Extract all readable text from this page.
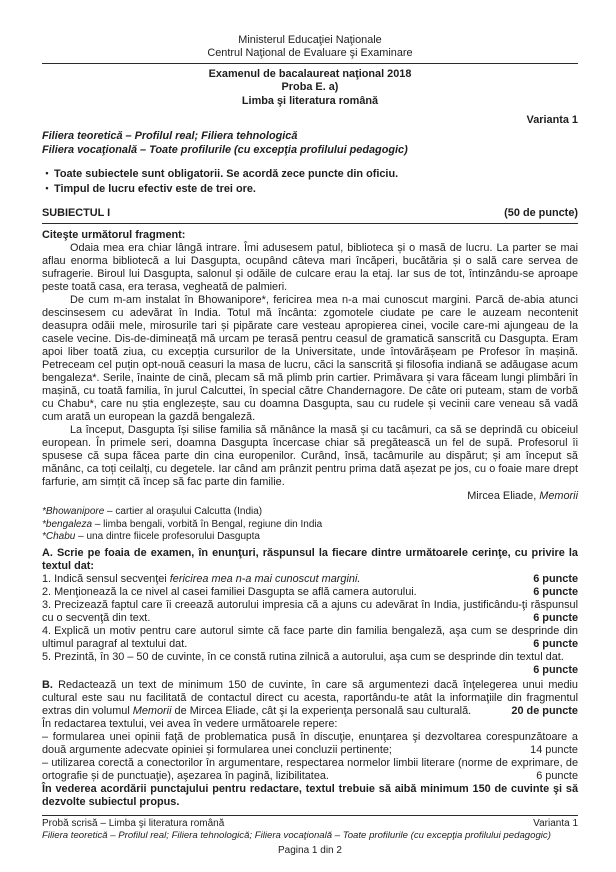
Ministerul Educaţiei Naţionale
Centrul Naţional de Evaluare şi Examinare
Examenul de bacalaureat naţional 2018
Proba E. a)
Limba şi literatura română
Varianta 1
Filiera teoretică – Profilul real; Filiera tehnologică
Filiera vocaţională – Toate profilurile (cu excepţia profilului pedagogic)
• Toate subiectele sunt obligatorii. Se acordă zece puncte din oficiu.
• Timpul de lucru efectiv este de trei ore.
SUBIECTUL I	(50 de puncte)
Citeşte următorul fragment:

Odaia mea era chiar lângă intrare. Îmi adusesem patul, biblioteca și o masă de lucru. La parter se mai aflau enorma bibliotecă a lui Dasgupta, ocupând câteva mari încăperi, bucătăria și o sală care servea de sufragerie. Biroul lui Dasgupta, salonul și odăile de culcare erau la etaj. Iar sus de tot, întinzându-se aproape peste toată casa, era terasa, vegheată de palmieri.

De cum m-am instalat în Bhowanipore*, fericirea mea n-a mai cunoscut margini. Parcă de-abia atunci descinsesem cu adevărat în India. Totul mă încânta: zgomotele ciudate pe care le auzeam necontenit deasupra odăii mele, mirosurile tari și pipărate care vesteau apropierea cinei, vocile care-mi ajungeau de la casele vecine. Dis-de-dimineață mă urcam pe terasă pentru ceasul de gramatică sanscrită cu Dasgupta. Eram apoi liber toată ziua, cu excepția cursurilor de la Universitate, unde întovărășeam pe Profesor în mașină. Petreceam cel puțin opt-nouă ceasuri la masa de lucru, căci la sanscrită și filosofia indiană se adăugase acum bengaleza*. Serile, înainte de cină, plecam să mă plimb prin cartier. Primăvara și vara făceam lungi plimbări în mașină, cu toată familia, în jurul Calcuttei, în special către Chandernagore. De câte ori puteam, stam de vorbă cu Chabu*, care nu știa englezește, sau cu doamna Dasgupta, sau cu rudele și vecinii care veneau să vadă cum arată un european la gazdă bengaleză.

La început, Dasgupta își silise familia să mănânce la masă și cu tacâmuri, ca să se deprindă cu obiceiul european. În primele seri, doamna Dasgupta încercase chiar să pregătească un fel de supă. Profesorul îi spusese că supa făcea parte din cina europenilor. Curând, însă, tacâmurile au dispărut; și am început să mănânc, ca toți ceilalți, cu degetele. Iar când am prânzit pentru prima dată așezat pe jos, cu o foaie mare drept farfurie, am simțit că încep să fac parte din familie.

Mircea Eliade, Memorii
*Bhowanipore – cartier al oraşului Calcutta (India)
*bengaleza – limba bengali, vorbită în Bengal, regiune din India
*Chabu – una dintre fiicele profesorului Dasgupta
A. Scrie pe foaia de examen, în enunţuri, răspunsul la fiecare dintre următoarele cerinţe, cu privire la textul dat:
1. Indică sensul secvenţei fericirea mea n-a mai cunoscut margini.	6 puncte
2. Menţionează la ce nivel al casei familiei Dasgupta se află camera autorului.	6 puncte
3. Precizează faptul care îi creează autorului impresia că a ajuns cu adevărat în India, justificându-ţi răspunsul cu o secvenţă din text.	6 puncte
4. Explică un motiv pentru care autorul simte că face parte din familia bengaleză, aşa cum se desprinde din ultimul paragraf al textului dat.	6 puncte
5. Prezintă, în 30 – 50 de cuvinte, în ce constă rutina zilnică a autorului, aşa cum se desprinde din textul dat.
6 puncte
B. Redactează un text de minimum 150 de cuvinte, în care să argumentezi dacă înţelegerea unui mediu cultural este sau nu facilitată de contactul direct cu acesta, raportându-te atât la informaţiile din fragmentul extras din volumul Memorii de Mircea Eliade, cât şi la experienţa personală sau culturală.	20 de puncte
În redactarea textului, vei avea în vedere următoarele repere:
– formularea unei opinii faţă de problematica pusă în discuţie, enunţarea şi dezvoltarea corespunzătoare a două argumente adecvate opiniei și formularea unei concluzii pertinente;	14 puncte
– utilizarea corectă a conectorilor în argumentare, respectarea normelor limbii literare (norme de exprimare, de ortografie și de punctuaţie), aşezarea în pagină, lizibilitatea.	6 puncte
În vederea acordării punctajului pentru redactare, textul trebuie să aibă minimum 150 de cuvinte şi să dezvolte subiectul propus.
Probă scrisă – Limba şi literatura română	Varianta 1
Filiera teoretică – Profilul real; Filiera tehnologică; Filiera vocaţională – Toate profilurile (cu excepţia profilului pedagogic)
Pagina 1 din 2
